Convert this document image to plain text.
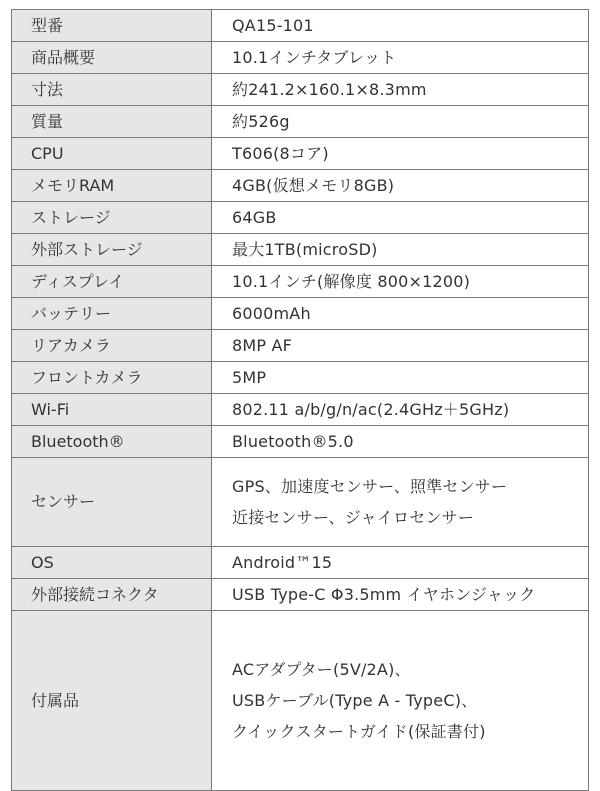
型番	QA15-101

商品概要	10.1インチタブレット

寸法	約241.2×160.1×8.3mm

質量	約526g

CPU	T606(8コア)

メモリRAM	4GB(仮想メモリ8GB)

ストレージ	64GB

外部ストレージ	最大1TB(microSD)

ディスプレイ	10.1インチ(解像度 800×1200)

バッテリー	6000mAh

リアカメラ	8MP AF

フロントカメラ	5MP

Wi-Fi	802.11 a/b/g/n/ac(2.4GHz＋5GHz)

Bluetooth®	Bluetooth®5.0

センサー	GPS、加速度センサー、照準センサー
近接センサー、ジャイロセンサー

OS	Android™15

外部接続コネクタ	USB Type-C Φ3.5mm イヤホンジャック

付属品	ACアダプター(5V/2A)、
USBケーブル(Type A - TypeC)、
クイックスタートガイド(保証書付)
